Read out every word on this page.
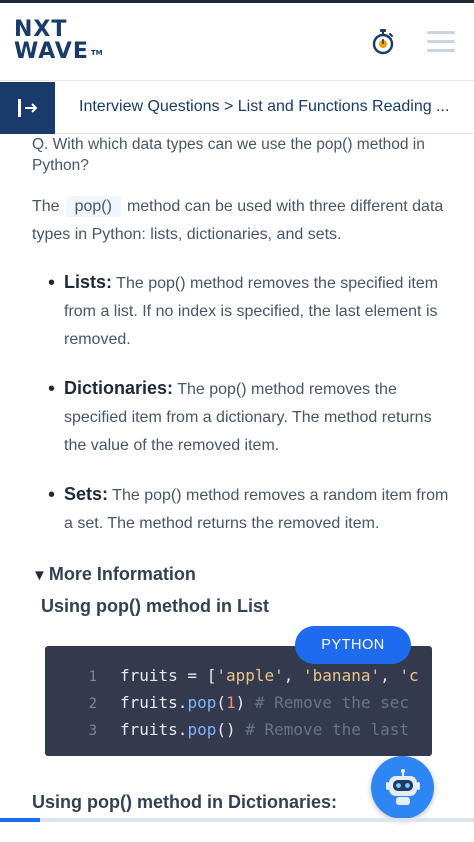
NXT
WAVE TM
Interview Questions > List and Functions Reading ...

Q. With which data types can we use the pop() method in Python?

The pop() method can be used with three different data types in Python: lists, dictionaries, and sets.

• Lists: The pop() method removes the specified item from a list. If no index is specified, the last element is removed.
• Dictionaries: The pop() method removes the specified item from a dictionary. The method returns the value of the removed item.
• Sets: The pop() method removes a random item from a set. The method returns the removed item.
▼ More Information
Using pop() method in List
1 fruits = ['apple', 'banana', 'c
2 fruits.pop(1) # Remove the sec
3 fruits.pop() # Remove the last
PYTHON
Using pop() method in Dictionaries:
